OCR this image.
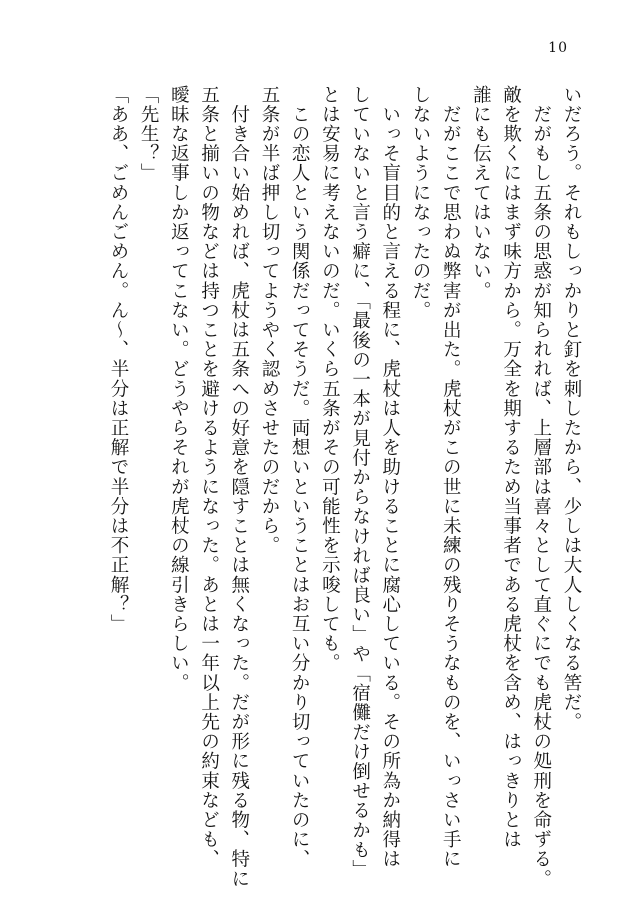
10
いだろう。それもしっかりと釘を刺したから、少しは大人しくなる筈だ。
　だがもし五条の思惑が知られれば、上層部は喜々として直ぐにでも虎杖の処刑を命ずる。
敵を欺くにはまず味方から。万全を期するため当事者である虎杖を含め、はっきりとは
誰にも伝えてはいない。
　だがここで思わぬ弊害が出た。虎杖がこの世に未練の残りそうなものを、いっさい手に
しないようになったのだ。
　いっそ盲目的と言える程に、虎杖は人を助けることに腐心している。その所為か納得は
していないと言う癖に、「最後の一本が見付からなければ良い」や「宿儺だけ倒せるかも」
とは安易に考えないのだ。いくら五条がその可能性を示唆しても。
　この恋人という関係だってそうだ。両想いということはお互い分かり切っていたのに、
五条が半ば押し切ってようやく認めさせたのだから。
　付き合い始めれば、虎杖は五条への好意を隠すことは無くなった。だが形に残る物、特に
五条と揃いの物などは持つことを避けるようになった。あとは一年以上先の約束なども、
曖昧な返事しか返ってこない。どうやらそれが虎杖の線引きらしい。
「先生？」
「ああ、ごめんごめん。ん～、半分は正解で半分は不正解？」
